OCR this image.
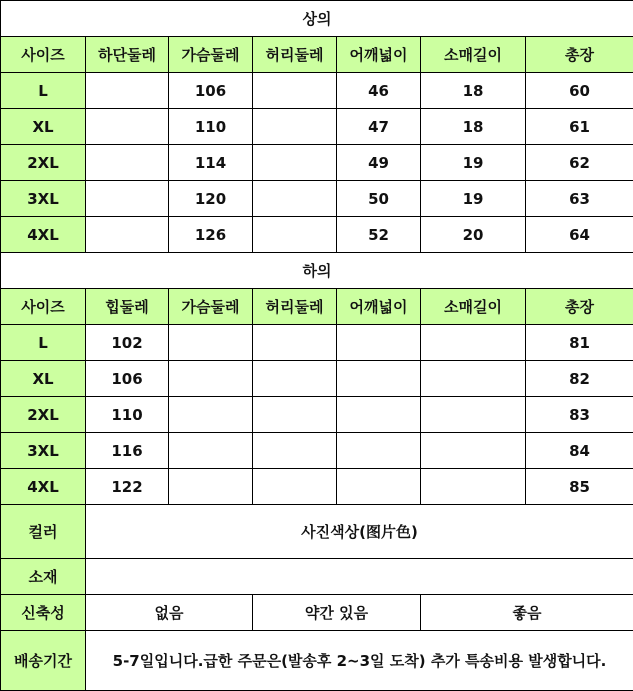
상의						
사이즈	하단둘레	가슴둘레	허리둘레	어깨넓이	소매길이	총장
L		106		46	18	60
XL		110		47	18	61
2XL		114		49	19	62
3XL		120		50	19	63
4XL		126		52	20	64
하의						
사이즈	힙둘레	가슴둘레	허리둘레	어깨넓이	소매길이	총장
L	102					81
XL	106					82
2XL	110					83
3XL	116					84
4XL	122					85
컬러	사진색상(图片色)					
소재						
신축성	없음		약간 있음		좋음	
배송기간	5-7일입니다.급한 주문은(발송후 2~3일 도착) 추가 특송비용 발생합니다.					
